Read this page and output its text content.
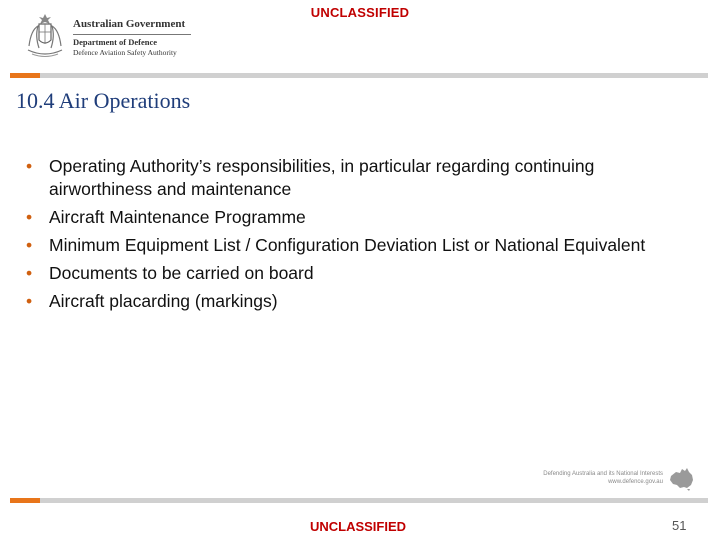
UNCLASSIFIED
Australian Government
Department of Defence
Defence Aviation Safety Authority
10.4 Air Operations
• Operating Authority’s responsibilities, in particular regarding continuing airworthiness and maintenance
• Aircraft Maintenance Programme
• Minimum Equipment List / Configuration Deviation List or National Equivalent
• Documents to be carried on board
• Aircraft placarding (markings)
Defending Australia and its National Interests
www.defence.gov.au
UNCLASSIFIED	51
